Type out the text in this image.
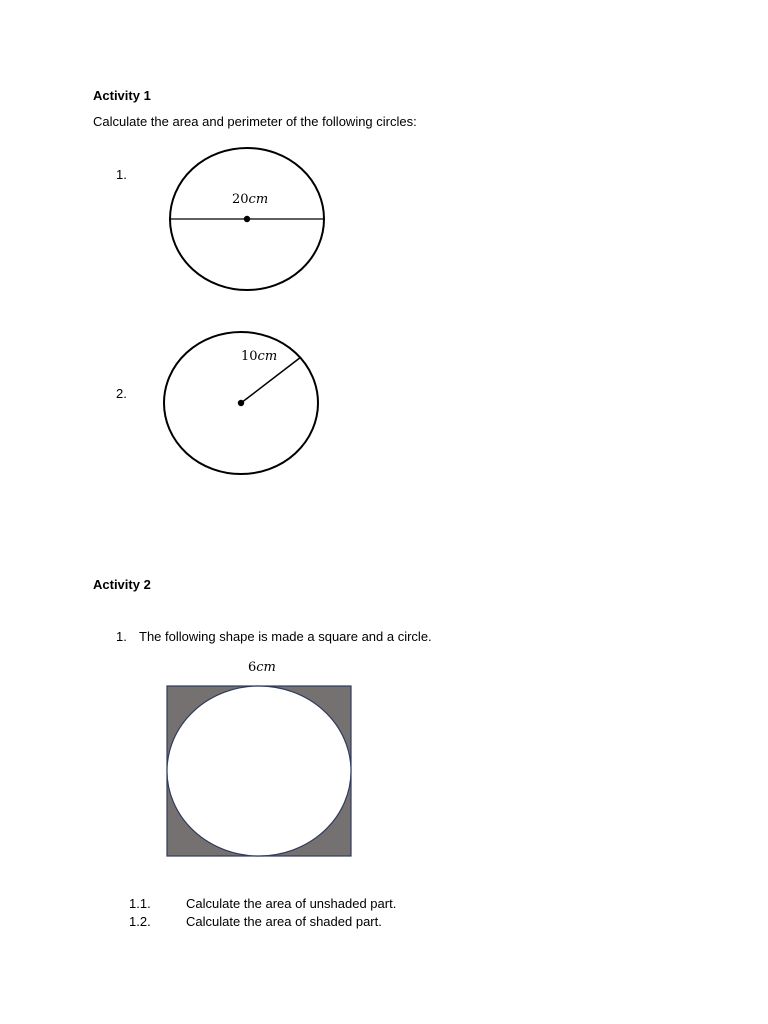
Activity 1
Calculate the area and perimeter of the following circles:
1.
20cm
2.
10cm
Activity 2
1. The following shape is made a square and a circle.
6cm
1.1.	Calculate the area of unshaded part.
1.2.	Calculate the area of shaded part.
